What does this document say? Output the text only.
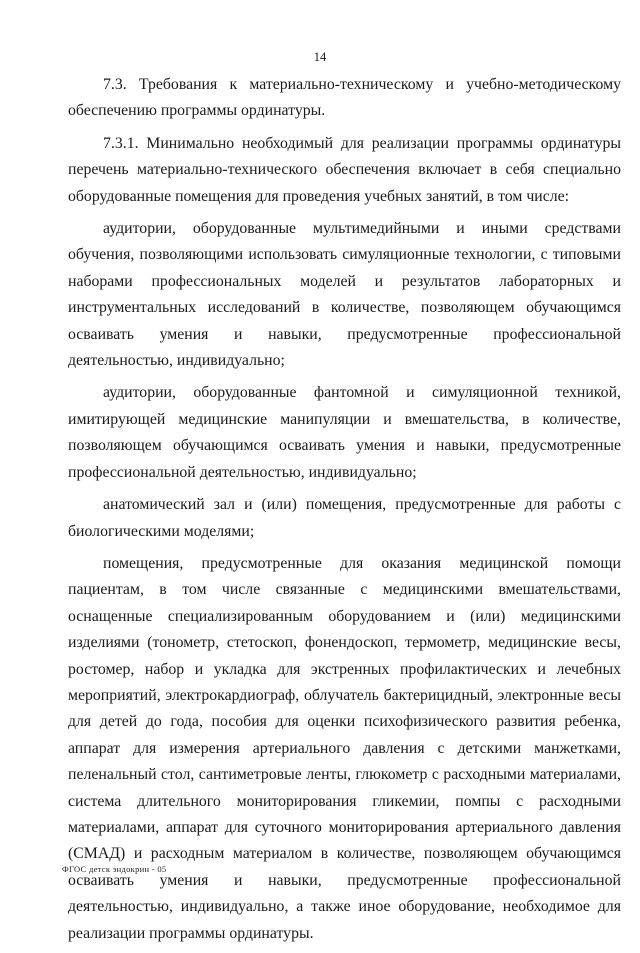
14

7.3. Требования к материально-техническому и учебно-методическому обеспечению программы ординатуры.

7.3.1. Минимально необходимый для реализации программы ординатуры перечень материально-технического обеспечения включает в себя специально оборудованные помещения для проведения учебных занятий, в том числе:

аудитории, оборудованные мультимедийными и иными средствами обучения, позволяющими использовать симуляционные технологии, с типовыми наборами профессиональных моделей и результатов лабораторных и инструментальных исследований в количестве, позволяющем обучающимся осваивать умения и навыки, предусмотренные профессиональной деятельностью, индивидуально;

аудитории, оборудованные фантомной и симуляционной техникой, имитирующей медицинские манипуляции и вмешательства, в количестве, позволяющем обучающимся осваивать умения и навыки, предусмотренные профессиональной деятельностью, индивидуально;

анатомический зал и (или) помещения, предусмотренные для работы с биологическими моделями;

помещения, предусмотренные для оказания медицинской помощи пациентам, в том числе связанные с медицинскими вмешательствами, оснащенные специализированным оборудованием и (или) медицинскими изделиями (тонометр, стетоскоп, фонендоскоп, термометр, медицинские весы, ростомер, набор и укладка для экстренных профилактических и лечебных мероприятий, электрокардиограф, облучатель бактерицидный, электронные весы для детей до года, пособия для оценки психофизического развития ребенка, аппарат для измерения артериального давления с детскими манжетками, пеленальный стол, сантиметровые ленты, глюкометр с расходными материалами, система длительного мониторирования гликемии, помпы с расходными материалами, аппарат для суточного мониторирования артериального давления (СМАД) и расходным материалом в количестве, позволяющем обучающимся осваивать умения и навыки, предусмотренные профессиональной деятельностью, индивидуально, а также иное оборудование, необходимое для реализации программы ординатуры.

ФГОС детск эндокрин - 05
